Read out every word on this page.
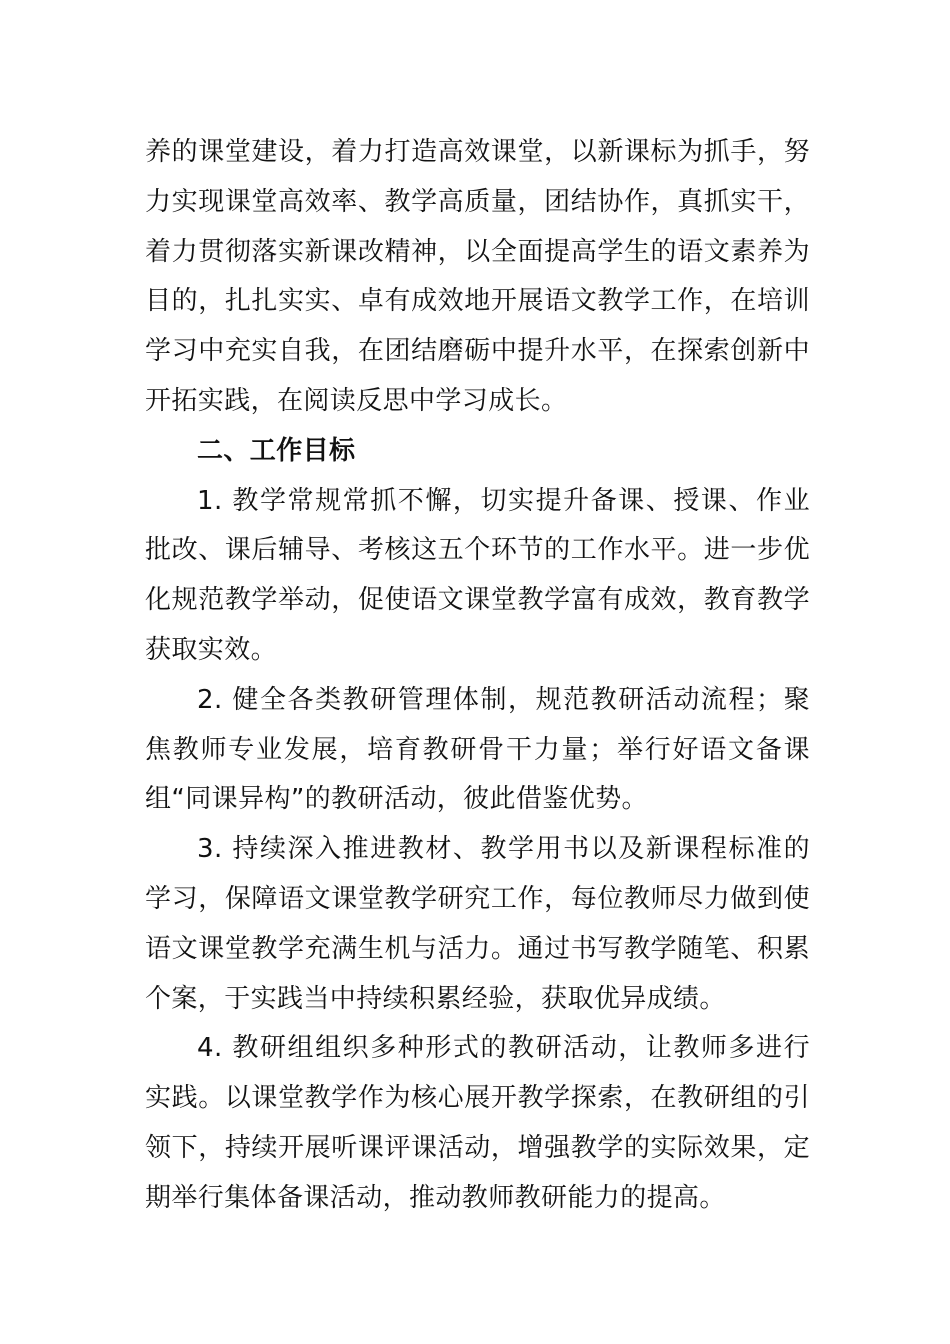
养的课堂建设，着力打造高效课堂，以新课标为抓手，努力实现课堂高效率、教学高质量，团结协作，真抓实干，着力贯彻落实新课改精神，以全面提高学生的语文素养为目的，扎扎实实、卓有成效地开展语文教学工作，在培训学习中充实自我，在团结磨砺中提升水平，在探索创新中开拓实践，在阅读反思中学习成长。

二、工作目标

1. 教学常规常抓不懈，切实提升备课、授课、作业批改、课后辅导、考核这五个环节的工作水平。进一步优化规范教学举动，促使语文课堂教学富有成效，教育教学获取实效。

2. 健全各类教研管理体制，规范教研活动流程；聚焦教师专业发展，培育教研骨干力量；举行好语文备课组“同课异构”的教研活动，彼此借鉴优势。

3. 持续深入推进教材、教学用书以及新课程标准的学习，保障语文课堂教学研究工作，每位教师尽力做到使语文课堂教学充满生机与活力。通过书写教学随笔、积累个案，于实践当中持续积累经验，获取优异成绩。

4. 教研组组织多种形式的教研活动，让教师多进行实践。以课堂教学作为核心展开教学探索，在教研组的引领下，持续开展听课评课活动，增强教学的实际效果，定期举行集体备课活动，推动教师教研能力的提高。
